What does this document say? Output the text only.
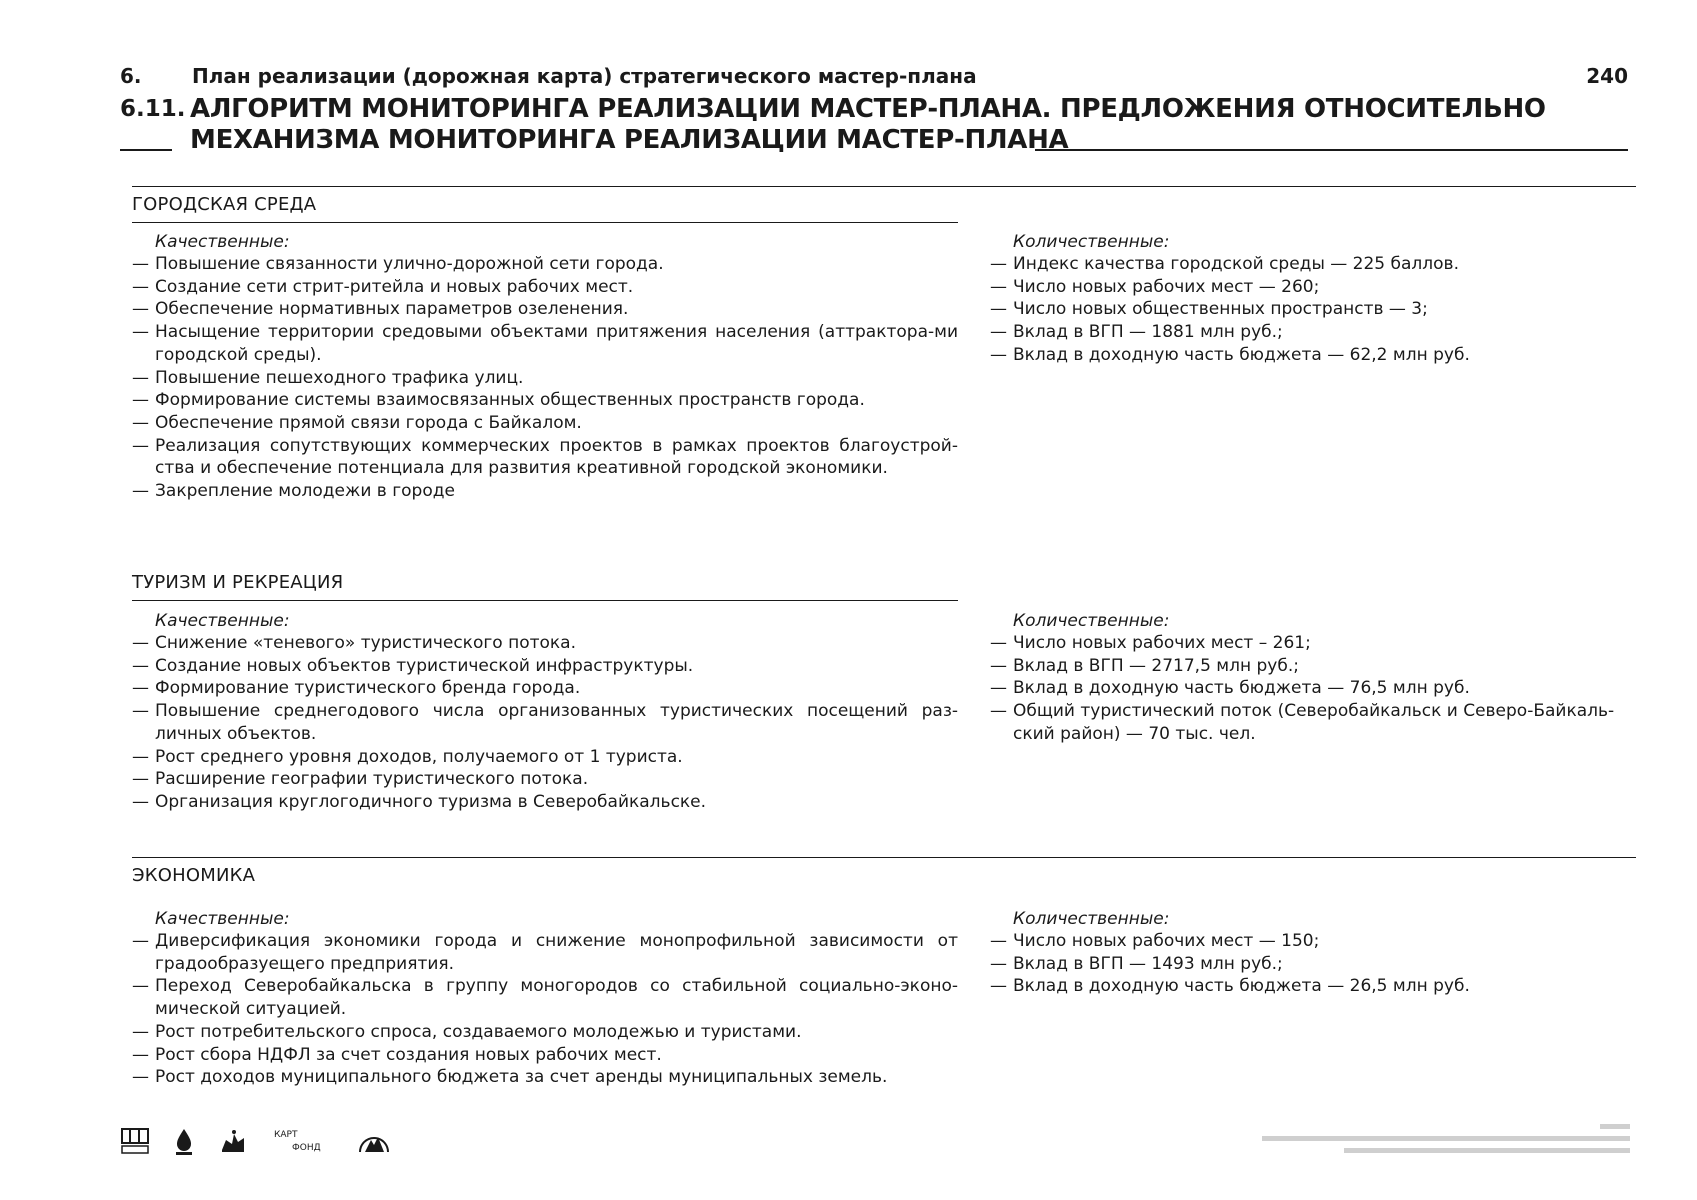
6.	План реализации (дорожная карта) стратегического мастер-плана	240
6.11. АЛГОРИТМ МОНИТОРИНГА РЕАЛИЗАЦИИ МАСТЕР-ПЛАНА. ПРЕДЛОЖЕНИЯ ОТНОСИТЕЛЬНО
МЕХАНИЗМА МОНИТОРИНГА РЕАЛИЗАЦИИ МАСТЕР-ПЛАНА
ГОРОДСКАЯ СРЕДА
Качественные:
— Повышение связанности улично-дорожной сети города.
— Создание сети стрит-ритейла и новых рабочих мест.
— Обеспечение нормативных параметров озеленения.
— Насыщение территории средовыми объектами притяжения населения (аттрактора-ми городской среды).
— Повышение пешеходного трафика улиц.
— Формирование системы взаимосвязанных общественных пространств города.
— Обеспечение прямой связи города с Байкалом.
— Реализация сопутствующих коммерческих проектов в рамках проектов благоустрой-ства и обеспечение потенциала для развития креативной городской экономики.
— Закрепление молодежи в городе
Количественные:
— Индекс качества городской среды — 225 баллов.
— Число новых рабочих мест — 260;
— Число новых общественных пространств — 3;
— Вклад в ВГП — 1881 млн руб.;
— Вклад в доходную часть бюджета — 62,2 млн руб.
ТУРИЗМ И РЕКРЕАЦИЯ
Качественные:
— Снижение «теневого» туристического потока.
— Создание новых объектов туристической инфраструктуры.
— Формирование туристического бренда города.
— Повышение среднегодового числа организованных туристических посещений раз-личных объектов.
— Рост среднего уровня доходов, получаемого от 1 туриста.
— Расширение географии туристического потока.
— Организация круглогодичного туризма в Северобайкальске.
Количественные:
— Число новых рабочих мест – 261;
— Вклад в ВГП — 2717,5 млн руб.;
— Вклад в доходную часть бюджета — 76,5 млн руб.
— Общий туристический поток (Северобайкальск и Северо-Байкаль-ский район) — 70 тыс. чел.
ЭКОНОМИКА
Качественные:
— Диверсификация экономики города и снижение монопрофильной зависимости от градообразуещего предприятия.
— Переход Северобайкальска в группу моногородов со стабильной социально-эконо-мической ситуацией.
— Рост потребительского спроса, создаваемого молодежью и туристами.
— Рост сбора НДФЛ за счет создания новых рабочих мест.
— Рост доходов муниципального бюджета за счет аренды муниципальных земель.
Количественные:
— Число новых рабочих мест — 150;
— Вклад в ВГП — 1493 млн руб.;
— Вклад в доходную часть бюджета — 26,5 млн руб.
КАРТ
ФОНД
